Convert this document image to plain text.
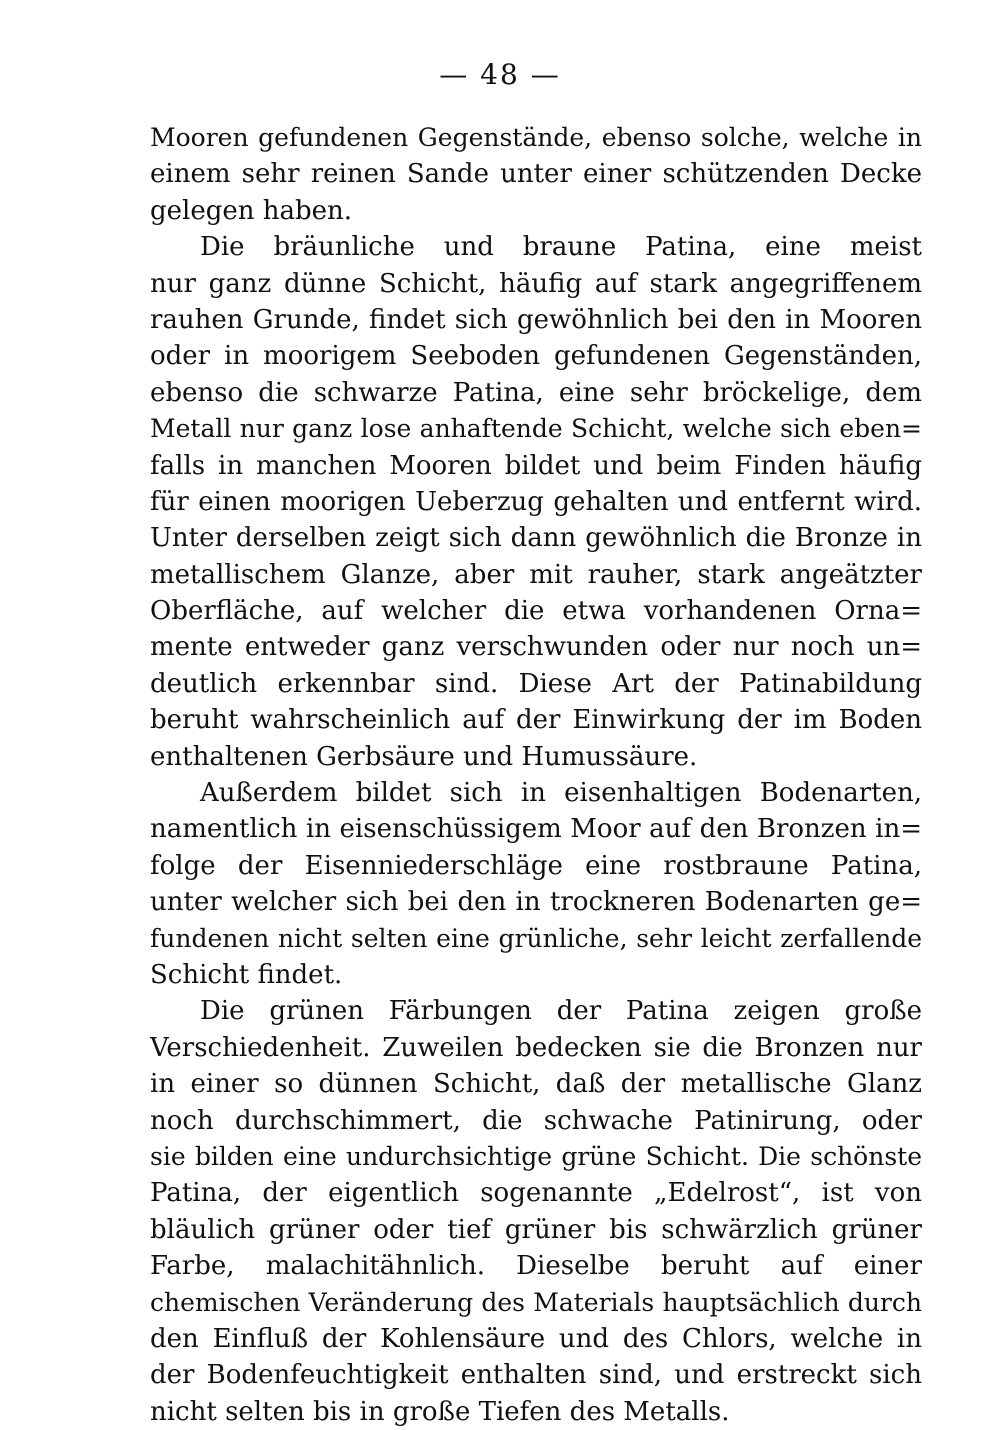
— 48 —
Mooren gefundenen Gegenstände, ebenso solche, welche in
einem sehr reinen Sande unter einer schützenden Decke
gelegen haben.
Die bräunliche und braune Patina, eine meist
nur ganz dünne Schicht, häufig auf stark angegriffenem
rauhen Grunde, findet sich gewöhnlich bei den in Mooren
oder in moorigem Seeboden gefundenen Gegenständen,
ebenso die schwarze Patina, eine sehr bröckelige, dem
Metall nur ganz lose anhaftende Schicht, welche sich eben=
falls in manchen Mooren bildet und beim Finden häufig
für einen moorigen Ueberzug gehalten und entfernt wird.
Unter derselben zeigt sich dann gewöhnlich die Bronze in
metallischem Glanze, aber mit rauher, stark angeätzter
Oberfläche, auf welcher die etwa vorhandenen Orna=
mente entweder ganz verschwunden oder nur noch un=
deutlich erkennbar sind. Diese Art der Patinabildung
beruht wahrscheinlich auf der Einwirkung der im Boden
enthaltenen Gerbsäure und Humussäure.
Außerdem bildet sich in eisenhaltigen Bodenarten,
namentlich in eisenschüssigem Moor auf den Bronzen in=
folge der Eisenniederschläge eine rostbraune Patina,
unter welcher sich bei den in trockneren Bodenarten ge=
fundenen nicht selten eine grünliche, sehr leicht zerfallende
Schicht findet.
Die grünen Färbungen der Patina zeigen große
Verschiedenheit. Zuweilen bedecken sie die Bronzen nur
in einer so dünnen Schicht, daß der metallische Glanz
noch durchschimmert, die schwache Patinirung, oder
sie bilden eine undurchsichtige grüne Schicht. Die schönste
Patina, der eigentlich sogenannte „Edelrost“, ist von
bläulich grüner oder tief grüner bis schwärzlich grüner
Farbe, malachitähnlich. Dieselbe beruht auf einer
chemischen Veränderung des Materials hauptsächlich durch
den Einfluß der Kohlensäure und des Chlors, welche in
der Bodenfeuchtigkeit enthalten sind, und erstreckt sich
nicht selten bis in große Tiefen des Metalls.
